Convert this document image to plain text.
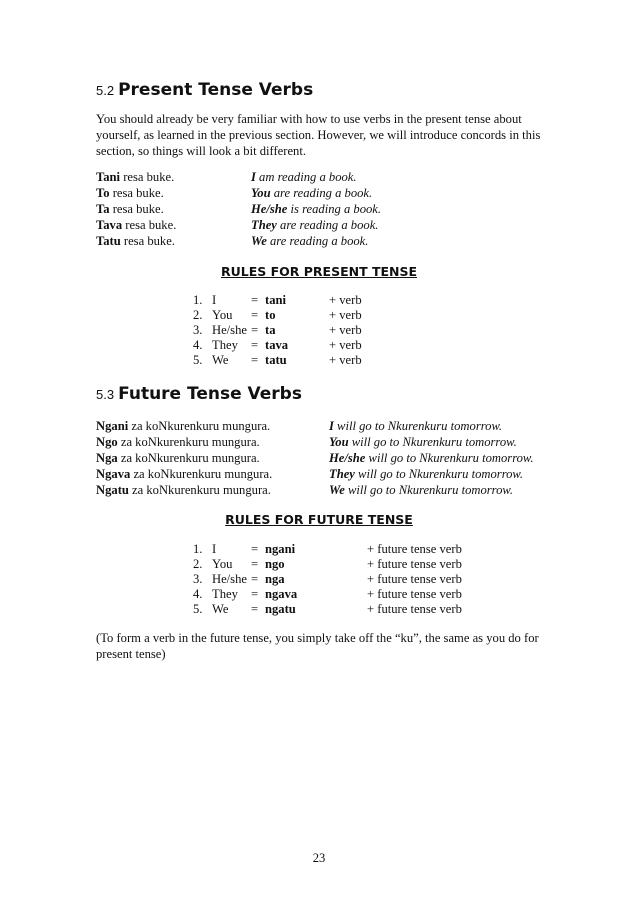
5.2 Present Tense Verbs
You should already be very familiar with how to use verbs in the present tense about yourself, as learned in the previous section. However, we will introduce concords in this section, so things will look a bit different.
Tani resa buke.	I am reading a book.
To resa buke.	You are reading a book.
Ta resa buke.	He/she is reading a book.
Tava resa buke.	They are reading a book.
Tatu resa buke.	We are reading a book.
RULES FOR PRESENT TENSE
1. I	= tani	+ verb
2. You = to	+ verb
3. He/she = ta	+ verb
4. They = tava	+ verb
5. We = tatu	+ verb
5.3 Future Tense Verbs
Ngani za koNkurenkuru mungura.	I will go to Nkurenkuru tomorrow.
Ngo za koNkurenkuru mungura.	You will go to Nkurenkuru tomorrow.
Nga za koNkurenkuru mungura.	He/she will go to Nkurenkuru tomorrow.
Ngava za koNkurenkuru mungura.	They will go to Nkurenkuru tomorrow.
Ngatu za koNkurenkuru mungura.	We will go to Nkurenkuru tomorrow.
RULES FOR FUTURE TENSE
1. I	= ngani	+ future tense verb
2. You = ngo	+ future tense verb
3. He/she = nga	+ future tense verb
4. They = ngava	+ future tense verb
5. We = ngatu	+ future tense verb
(To form a verb in the future tense, you simply take off the “ku”, the same as you do for present tense)
23
